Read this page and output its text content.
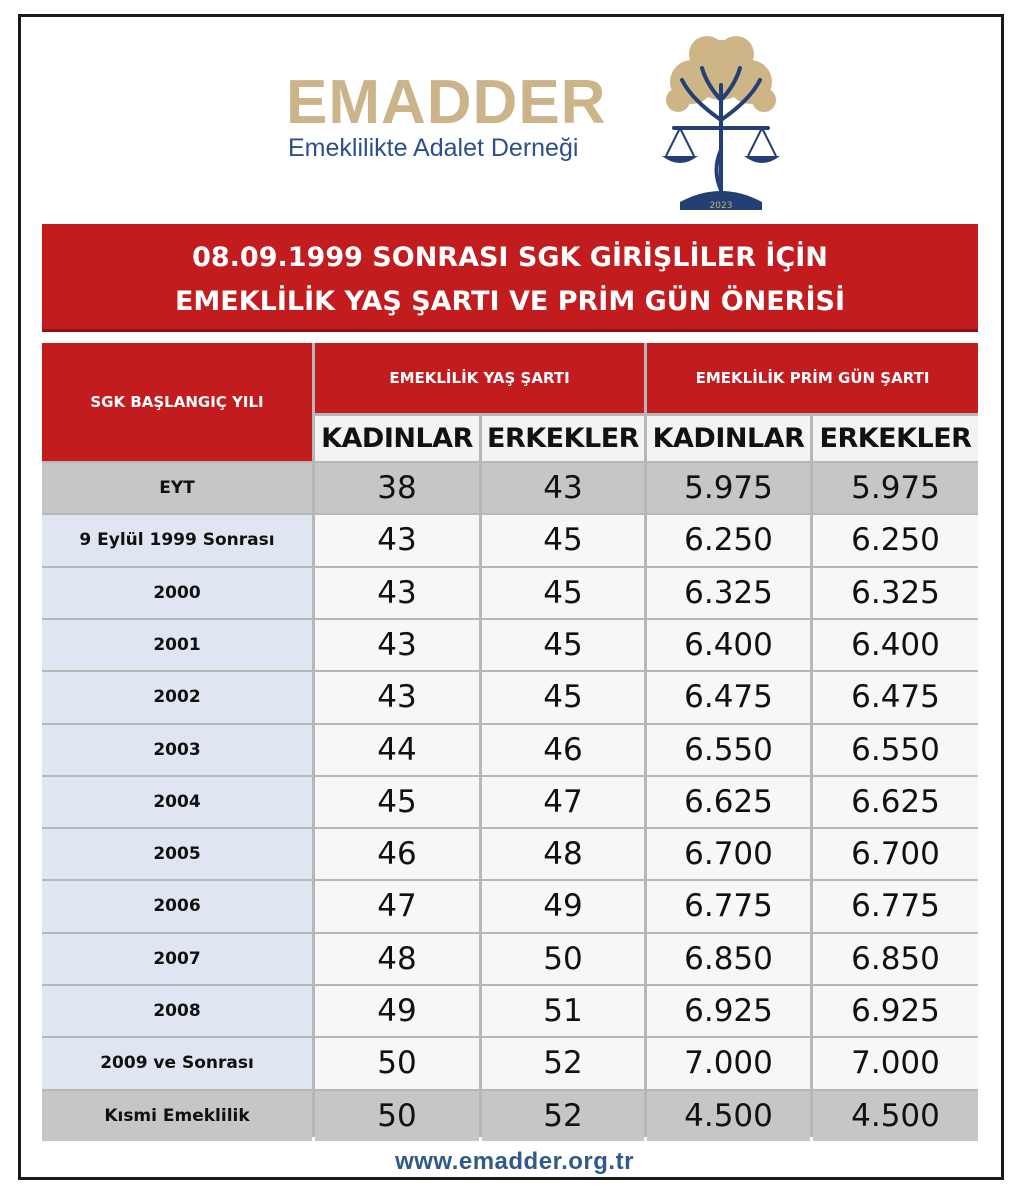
EMADDER
Emeklilikte Adalet Derneği
2023
08.09.1999 SONRASI SGK GİRİŞLİLER İÇİN
EMEKLİLİK YAŞ ŞARTI VE PRİM GÜN ÖNERİSİ
SGK BAŞLANGIÇ YILI
EMEKLİLİK YAŞ ŞARTI	EMEKLİLİK PRİM GÜN ŞARTI
KADINLAR ERKEKLER KADINLAR ERKEKLER
EYT	38	43	5.975	5.975
9 Eylül 1999 Sonrası	43	45	6.250	6.250
2000	43	45	6.325	6.325
2001	43	45	6.400	6.400
2002	43	45	6.475	6.475
2003	44	46	6.550	6.550
2004	45	47	6.625	6.625
2005	46	48	6.700	6.700
2006	47	49	6.775	6.775
2007	48	50	6.850	6.850
2008	49	51	6.925	6.925
2009 ve Sonrası	50	52	7.000	7.000
Kısmi Emeklilik	50	52	4.500	4.500
www.emadder.org.tr
